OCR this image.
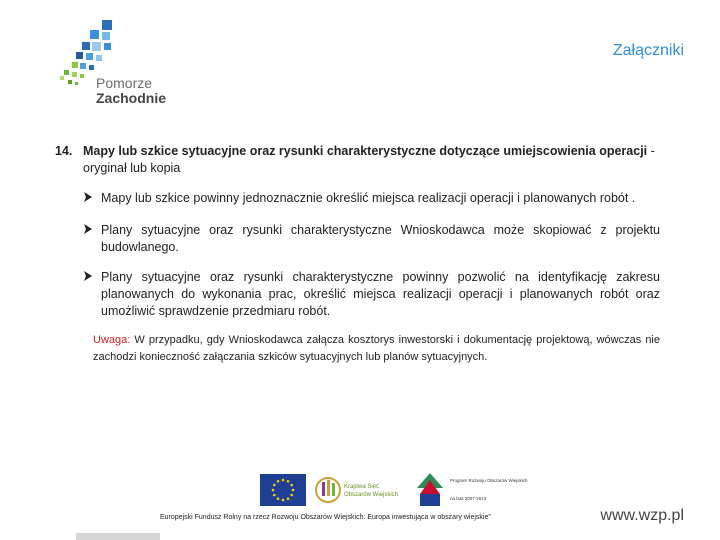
Pomorze
Zachodnie
Załączniki
14. Mapy lub szkice sytuacyjne oraz rysunki charakterystyczne dotyczące umiejscowienia operacji - oryginał lub kopia
Mapy lub szkice powinny jednoznacznie określić miejsca realizacji operacji i planowanych robót .
Plany sytuacyjne oraz rysunki charakterystyczne Wnioskodawca może skopiować z projektu budowlanego.
Plany sytuacyjne oraz rysunki charakterystyczne powinny pozwolić na identyfikację zakresu planowanych do wykonania prac, określić miejsca realizacji operacji i planowanych robót oraz umożliwić sprawdzenie przedmiaru robót.
Uwaga: W przypadku, gdy Wnioskodawca załącza kosztorys inwestorski i dokumentację projektową, wówczas nie zachodzi konieczność załączania szkiców sytuacyjnych lub planów sytuacyjnych.
Krajowa Sieć
Obszarów Wiejskich
Program Rozwoju Obszarów Wiejskich
na lata 2007-2013
Europejski Fundusz Rolny na rzecz Rozwoju Obszarów Wiejskich: Europa inwestująca w obszary wiejskie”	www.wzp.pl
